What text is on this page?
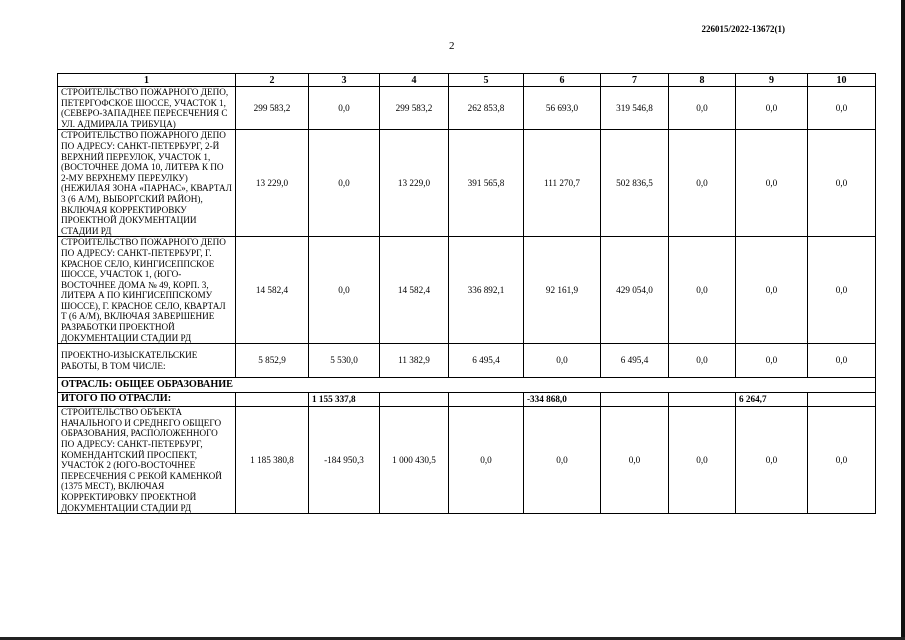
226015/2022-13672(1)
2
1	2	3	4	5	6	7	8	9	10
СТРОИТЕЛЬСТВО ПОЖАРНОГО ДЕПО, ПЕТЕРГОФСКОЕ ШОССЕ, УЧАСТОК 1, (СЕВЕРО-ЗАПАДНЕЕ ПЕРЕСЕЧЕНИЯ С УЛ. АДМИРАЛА ТРИБУЦА)	299 583,2	0,0	299 583,2	262 853,8	56 693,0	319 546,8	0,0	0,0	0,0
СТРОИТЕЛЬСТВО ПОЖАРНОГО ДЕПО ПО АДРЕСУ: САНКТ-ПЕТЕРБУРГ, 2-Й ВЕРХНИЙ ПЕРЕУЛОК, УЧАСТОК 1, (ВОСТОЧНЕЕ ДОМА 10, ЛИТЕРА К ПО 2-МУ ВЕРХНЕМУ ПЕРЕУЛКУ) (НЕЖИЛАЯ ЗОНА «ПАРНАС», КВАРТАЛ 3 (6 А/М), ВЫБОРГСКИЙ РАЙОН), ВКЛЮЧАЯ КОРРЕКТИРОВКУ ПРОЕКТНОЙ ДОКУМЕНТАЦИИ СТАДИИ РД	13 229,0	0,0	13 229,0	391 565,8	111 270,7	502 836,5	0,0	0,0	0,0
СТРОИТЕЛЬСТВО ПОЖАРНОГО ДЕПО ПО АДРЕСУ: САНКТ-ПЕТЕРБУРГ, Г. КРАСНОЕ СЕЛО, КИНГИСЕППСКОЕ ШОССЕ, УЧАСТОК 1, (ЮГО-ВОСТОЧНЕЕ ДОМА № 49, КОРП. 3, ЛИТЕРА А ПО КИНГИСЕППСКОМУ ШОССЕ), Г. КРАСНОЕ СЕЛО, КВАРТАЛ Т (6 А/М), ВКЛЮЧАЯ ЗАВЕРШЕНИЕ РАЗРАБОТКИ ПРОЕКТНОЙ ДОКУМЕНТАЦИИ СТАДИИ РД	14 582,4	0,0	14 582,4	336 892,1	92 161,9	429 054,0	0,0	0,0	0,0
ПРОЕКТНО-ИЗЫСКАТЕЛЬСКИЕ РАБОТЫ, В ТОМ ЧИСЛЕ:	5 852,9	5 530,0	11 382,9	6 495,4	0,0	6 495,4	0,0	0,0	0,0
ОТРАСЛЬ: ОБЩЕЕ ОБРАЗОВАНИЕ									
ИТОГО ПО ОТРАСЛИ:		1 155 337,8			-334 868,0			6 264,7	
СТРОИТЕЛЬСТВО ОБЪЕКТА НАЧАЛЬНОГО И СРЕДНЕГО ОБЩЕГО ОБРАЗОВАНИЯ, РАСПОЛОЖЕННОГО ПО АДРЕСУ: САНКТ-ПЕТЕРБУРГ, КОМЕНДАНТСКИЙ ПРОСПЕКТ, УЧАСТОК 2 (ЮГО-ВОСТОЧНЕЕ ПЕРЕСЕЧЕНИЯ С РЕКОЙ КАМЕНКОЙ (1375 МЕСТ), ВКЛЮЧАЯ КОРРЕКТИРОВКУ ПРОЕКТНОЙ ДОКУМЕНТАЦИИ СТАДИИ РД	1 185 380,8	-184 950,3	1 000 430,5	0,0	0,0	0,0	0,0	0,0	0,0
